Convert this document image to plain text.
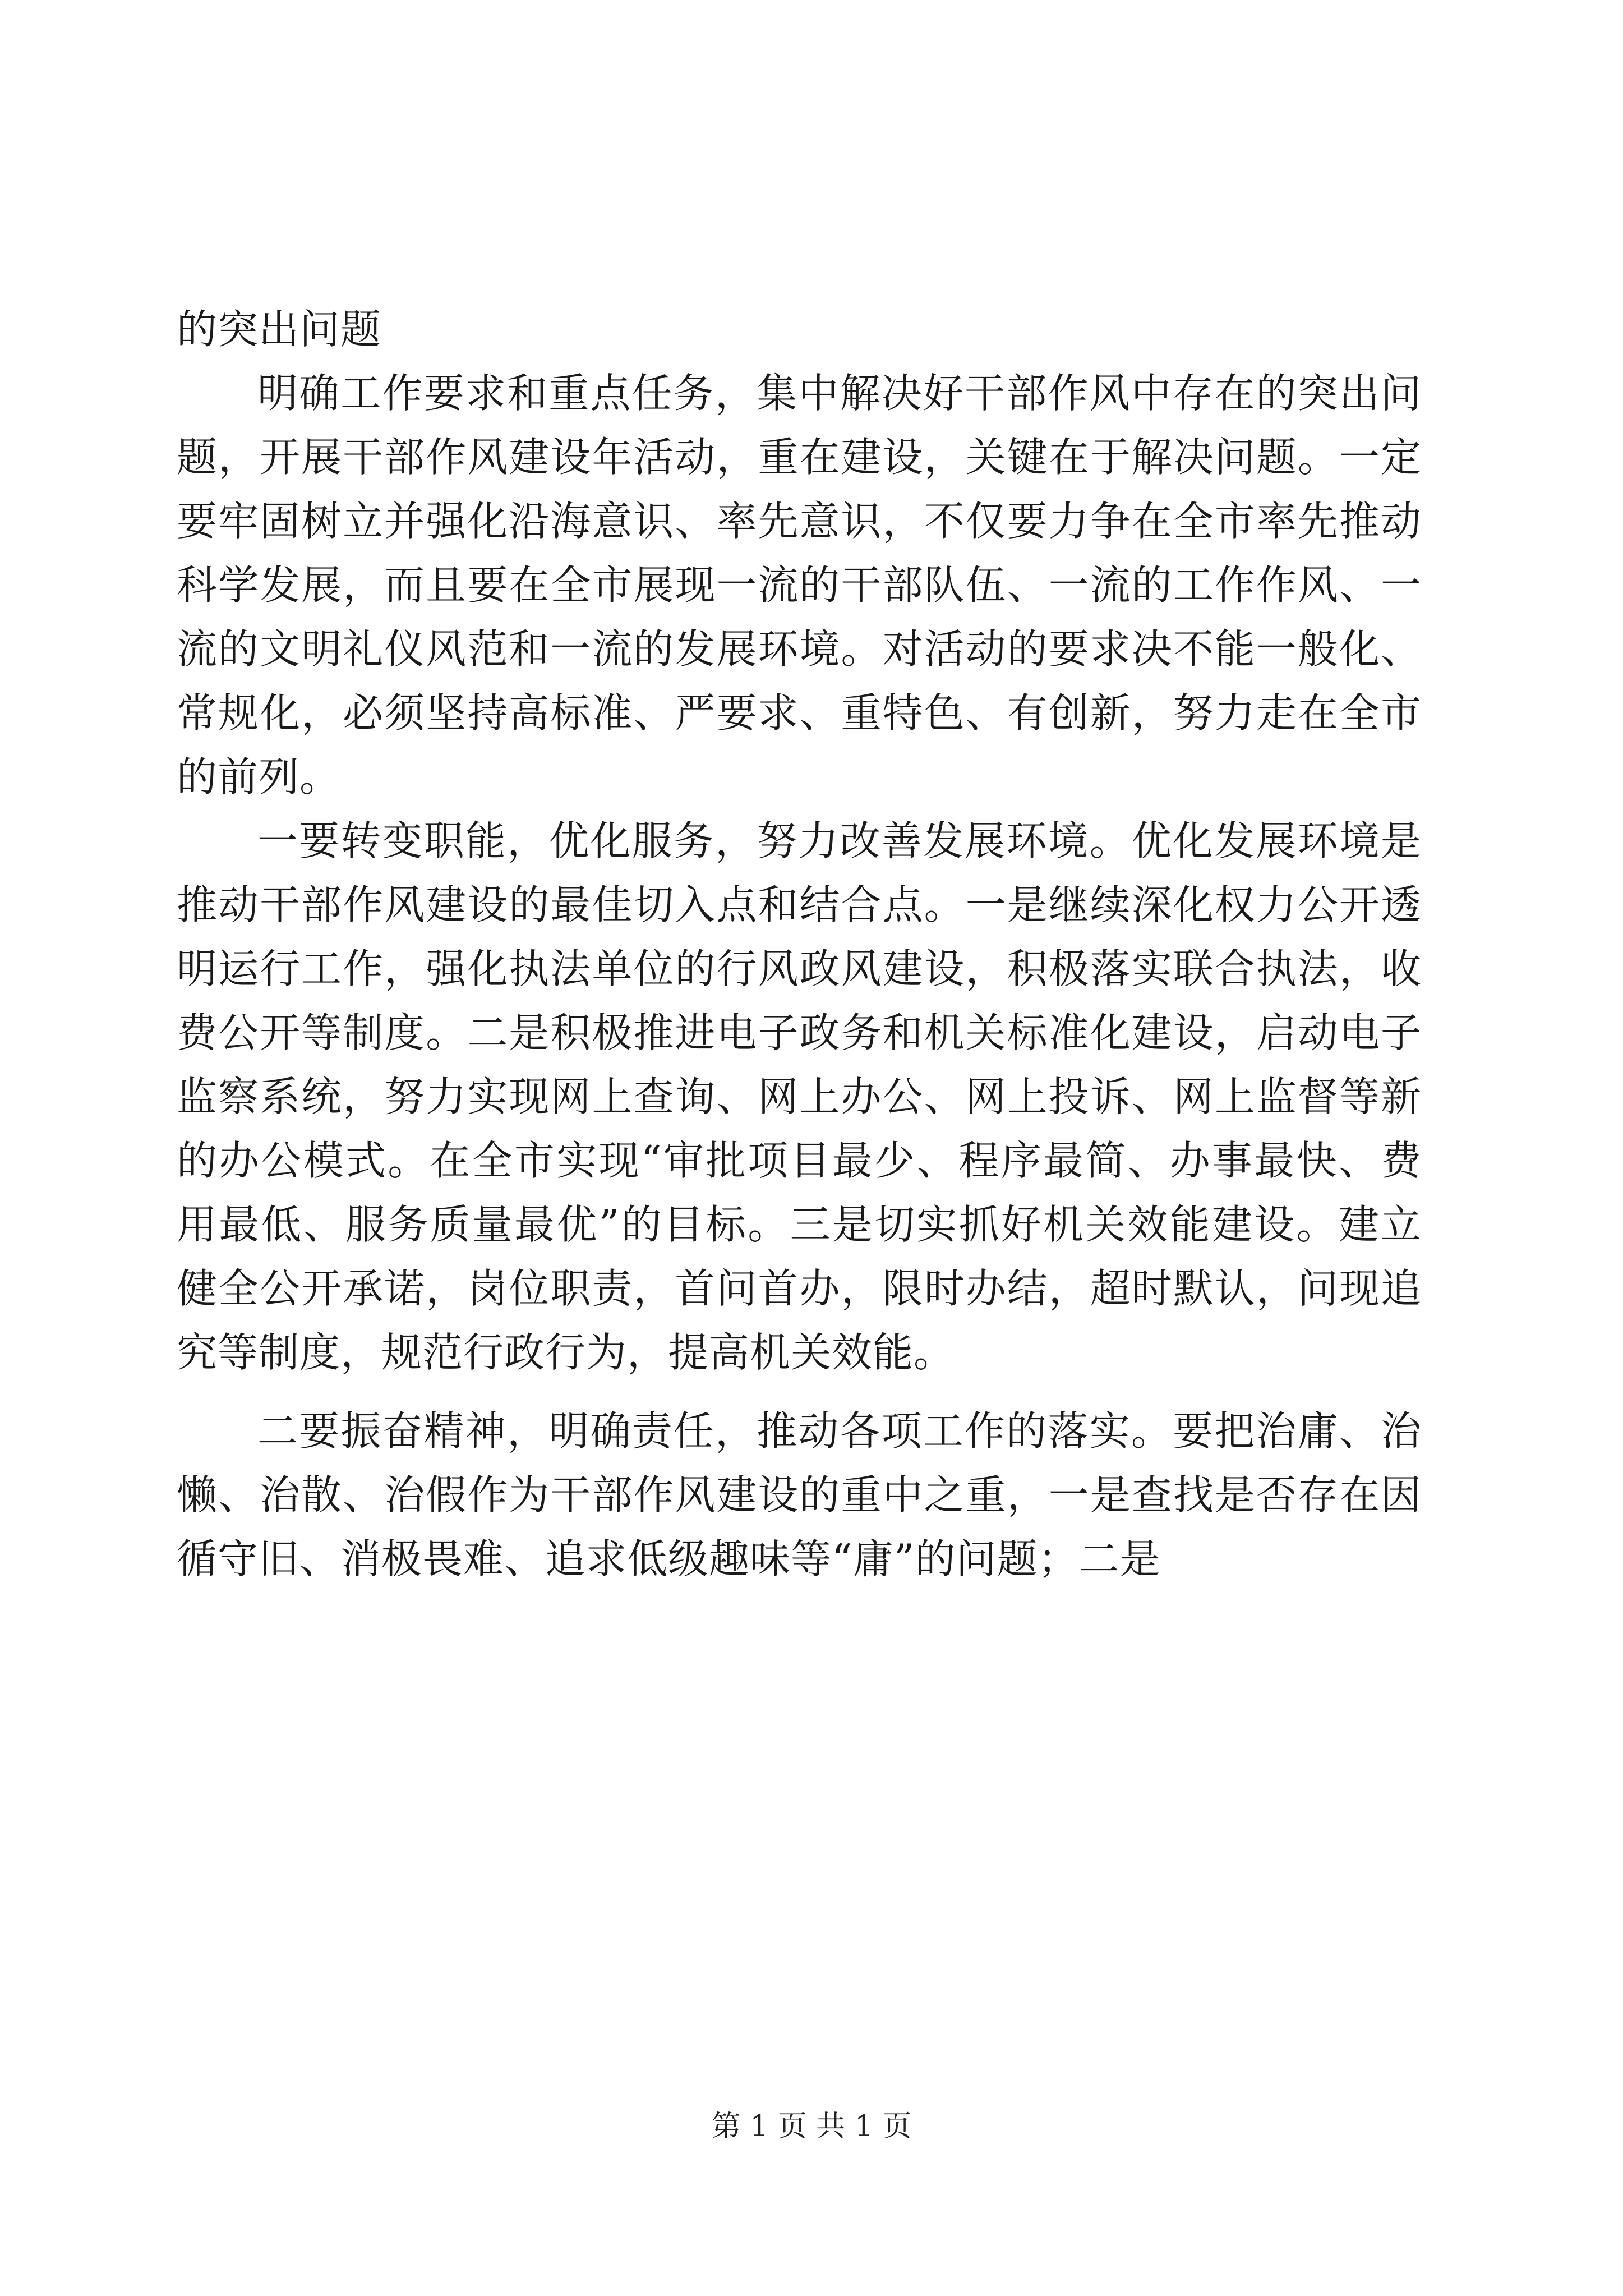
的突出问题

明确工作要求和重点任务，集中解决好干部作风中存在的突出问题，开展干部作风建设年活动，重在建设，关键在于解决问题。一定要牢固树立并强化沿海意识、率先意识，不仅要力争在全市率先推动科学发展，而且要在全市展现一流的干部队伍、一流的工作作风、一流的文明礼仪风范和一流的发展环境。对活动的要求决不能一般化、常规化，必须坚持高标准、严要求、重特色、有创新，努力走在全市的前列。

一要转变职能，优化服务，努力改善发展环境。优化发展环境是推动干部作风建设的最佳切入点和结合点。一是继续深化权力公开透明运行工作，强化执法单位的行风政风建设，积极落实联合执法，收费公开等制度。二是积极推进电子政务和机关标准化建设，启动电子监察系统，努力实现网上查询、网上办公、网上投诉、网上监督等新的办公模式。在全市实现“审批项目最少、程序最简、办事最快、费用最低、服务质量最优”的目标。三是切实抓好机关效能建设。建立健全公开承诺，岗位职责，首问首办，限时办结，超时默认，问现追究等制度，规范行政行为，提高机关效能。

二要振奋精神，明确责任，推动各项工作的落实。要把治庸、治懒、治散、治假作为干部作风建设的重中之重，一是查找是否存在因循守旧、消极畏难、追求低级趣味等“庸”的问题；二是

第 1 页 共 1 页
